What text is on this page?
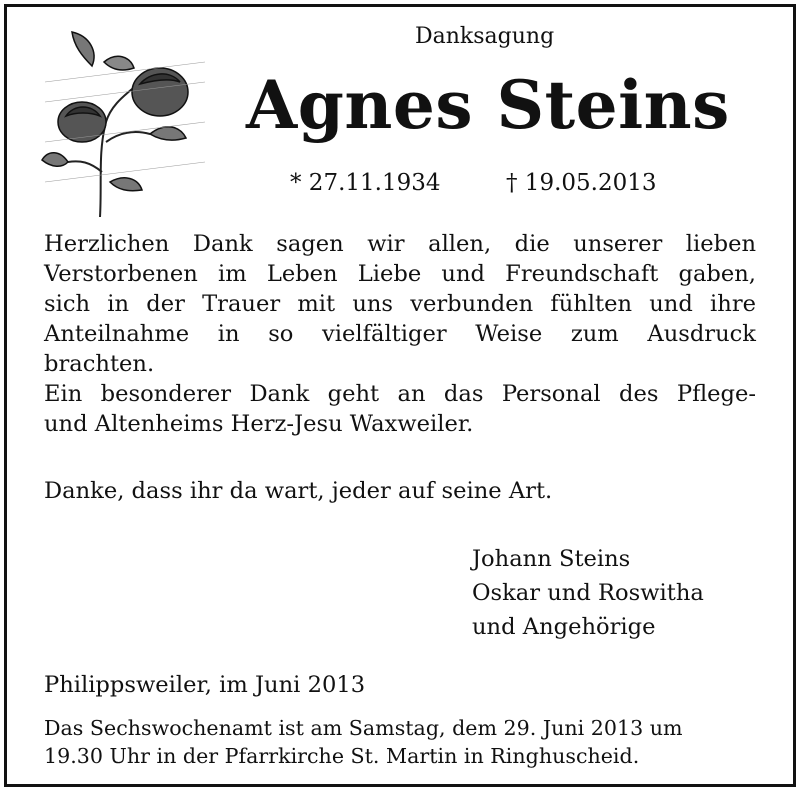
Danksagung
Agnes Steins
* 27.11.1934	† 19.05.2013

Herzlichen Dank sagen wir allen, die unserer lieben

Verstorbenen im Leben Liebe und Freundschaft gaben,

sich in der Trauer mit uns verbunden fühlten und ihre

Anteilnahme in so vielfältiger Weise zum Ausdruck

brachten.

Ein besonderer Dank geht an das Personal des Pflege-

und Altenheims Herz-Jesu Waxweiler.

Danke, dass ihr da wart, jeder auf seine Art.
Johann Steins
Oskar und Roswitha
und Angehörige
Philippsweiler, im Juni 2013
Das Sechswochenamt ist am Samstag, dem 29. Juni 2013 um
19.30 Uhr in der Pfarrkirche St. Martin in Ringhuscheid.
